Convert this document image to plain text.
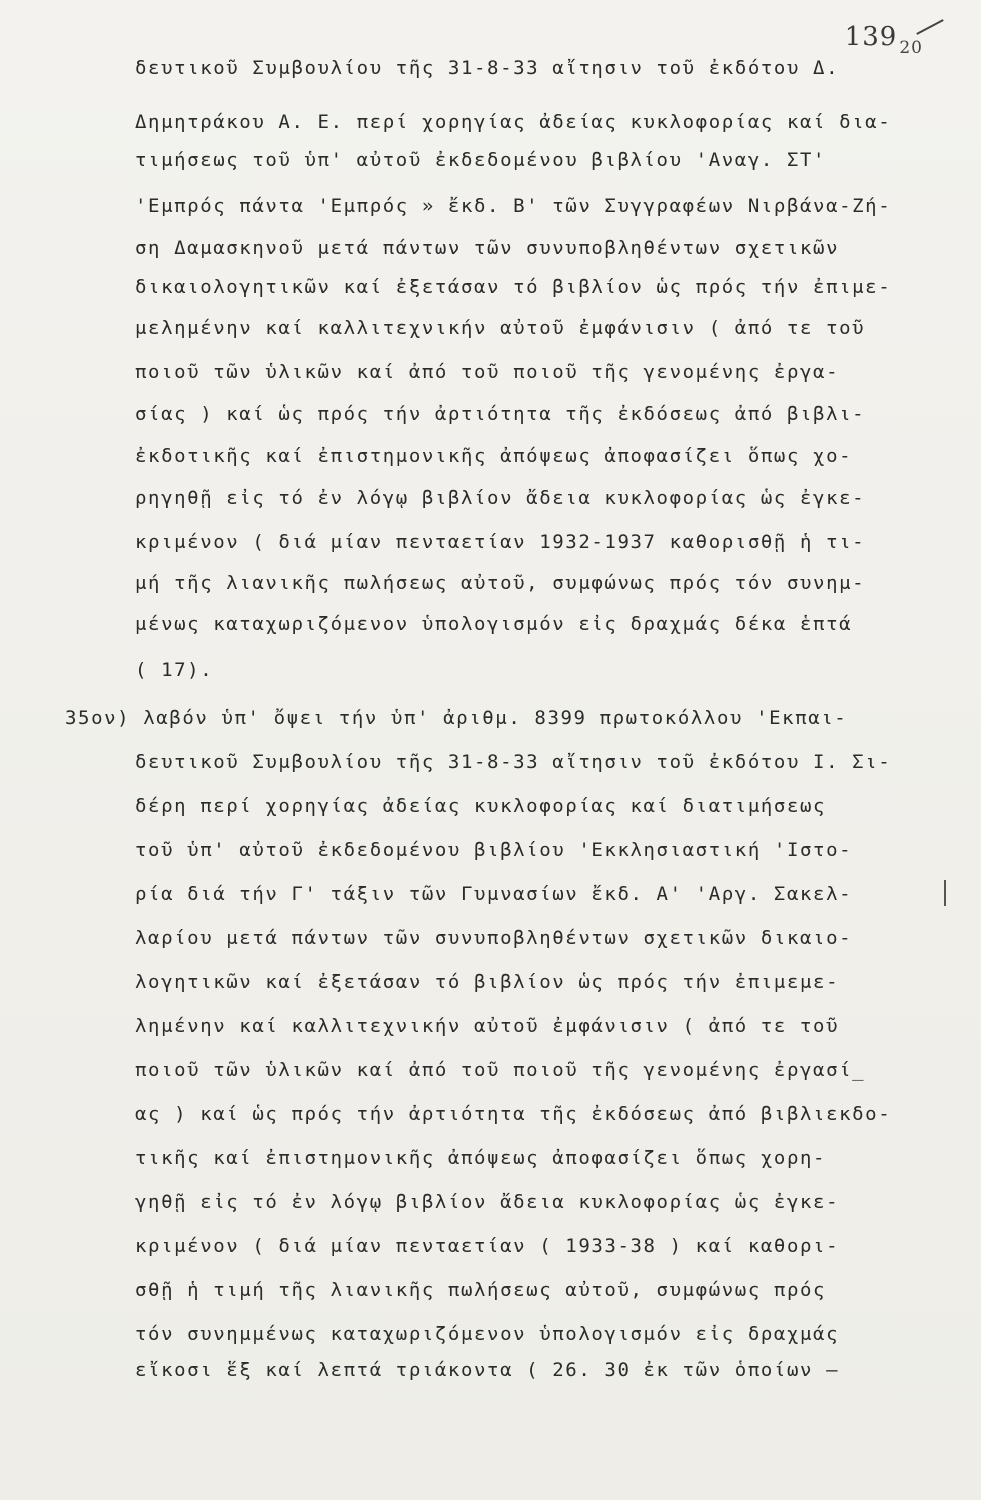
139 $_{20}$
δευτικοῦ Συμβουλίου τῆς 31-8-33 αἴτησιν τοῦ ἐκδότου Δ.
Δημητράκου Α. Ε. περί χορηγίας ἀδείας κυκλοφορίας καί δια-
τιμήσεως τοῦ ὑπ' αὐτοῦ ἐκδεδομένου βιβλίου 'Αναγ. ΣΤ'
'Εμπρός πάντα 'Εμπρός » ἔκδ. Β' τῶν Συγγραφέων Νιρβάνα-Ζή-
ση Δαμασκηνοῦ μετά πάντων τῶν συνυποβληθέντων σχετικῶν
δικαιολογητικῶν καί ἐξετάσαν τό βιβλίον ὡς πρός τήν ἐπιμε-
μελημένην καί καλλιτεχνικήν αὐτοῦ ἐμφάνισιν ( ἀπό τε τοῦ
ποιοῦ τῶν ὑλικῶν καί ἀπό τοῦ ποιοῦ τῆς γενομένης ἐργα-
σίας ) καί ὡς πρός τήν ἀρτιότητα τῆς ἐκδόσεως ἀπό βιβλι-
ἐκδοτικῆς καί ἐπιστημονικῆς ἀπόψεως ἀποφασίζει ὅπως χο-
ρηγηθῇ εἰς τό ἐν λόγῳ βιβλίον ἄδεια κυκλοφορίας ὡς ἐγκε-
κριμένον ( διά μίαν πενταετίαν 1932-1937 καθορισθῇ ἡ τι-
μή τῆς λιανικῆς πωλήσεως αὐτοῦ, συμφώνως πρός τόν συνημ-
μένως καταχωριζόμενον ὑπολογισμόν εἰς δραχμάς δέκα ἑπτά
( 17).
35ον) λαβόν ὑπ' ὄψει τήν ὑπ' ἀριθμ. 8399 πρωτοκόλλου 'Εκπαι-
δευτικοῦ Συμβουλίου τῆς 31-8-33 αἴτησιν τοῦ ἐκδότου Ι. Σι-
δέρη περί χορηγίας ἀδείας κυκλοφορίας καί διατιμήσεως
τοῦ ὑπ' αὐτοῦ ἐκδεδομένου βιβλίου 'Εκκλησιαστική 'Ιστο-
ρία διά τήν Γ' τάξιν τῶν Γυμνασίων ἔκδ. Α' 'Αργ. Σακελ-
λαρίου μετά πάντων τῶν συνυποβληθέντων σχετικῶν δικαιο-
λογητικῶν καί ἐξετάσαν τό βιβλίον ὡς πρός τήν ἐπιμεμε-
λημένην καί καλλιτεχνικήν αὐτοῦ ἐμφάνισιν ( ἀπό τε τοῦ
ποιοῦ τῶν ὑλικῶν καί ἀπό τοῦ ποιοῦ τῆς γενομένης ἐργασί_
ας ) καί ὡς πρός τήν ἀρτιότητα τῆς ἐκδόσεως ἀπό βιβλιεκδο-
τικῆς καί ἐπιστημονικῆς ἀπόψεως ἀποφασίζει ὅπως χορη-
γηθῇ εἰς τό ἐν λόγῳ βιβλίον ἄδεια κυκλοφορίας ὡς ἐγκε-
κριμένον ( διά μίαν πενταετίαν ( 1933-38 ) καί καθορι-
σθῇ ἡ τιμή τῆς λιανικῆς πωλήσεως αὐτοῦ, συμφώνως πρός
τόν συνημμένως καταχωριζόμενον ὑπολογισμόν εἰς δραχμάς
εἴκοσι ἕξ καί λεπτά τριάκοντα ( 26. 30 ἐκ τῶν ὁποίων —
